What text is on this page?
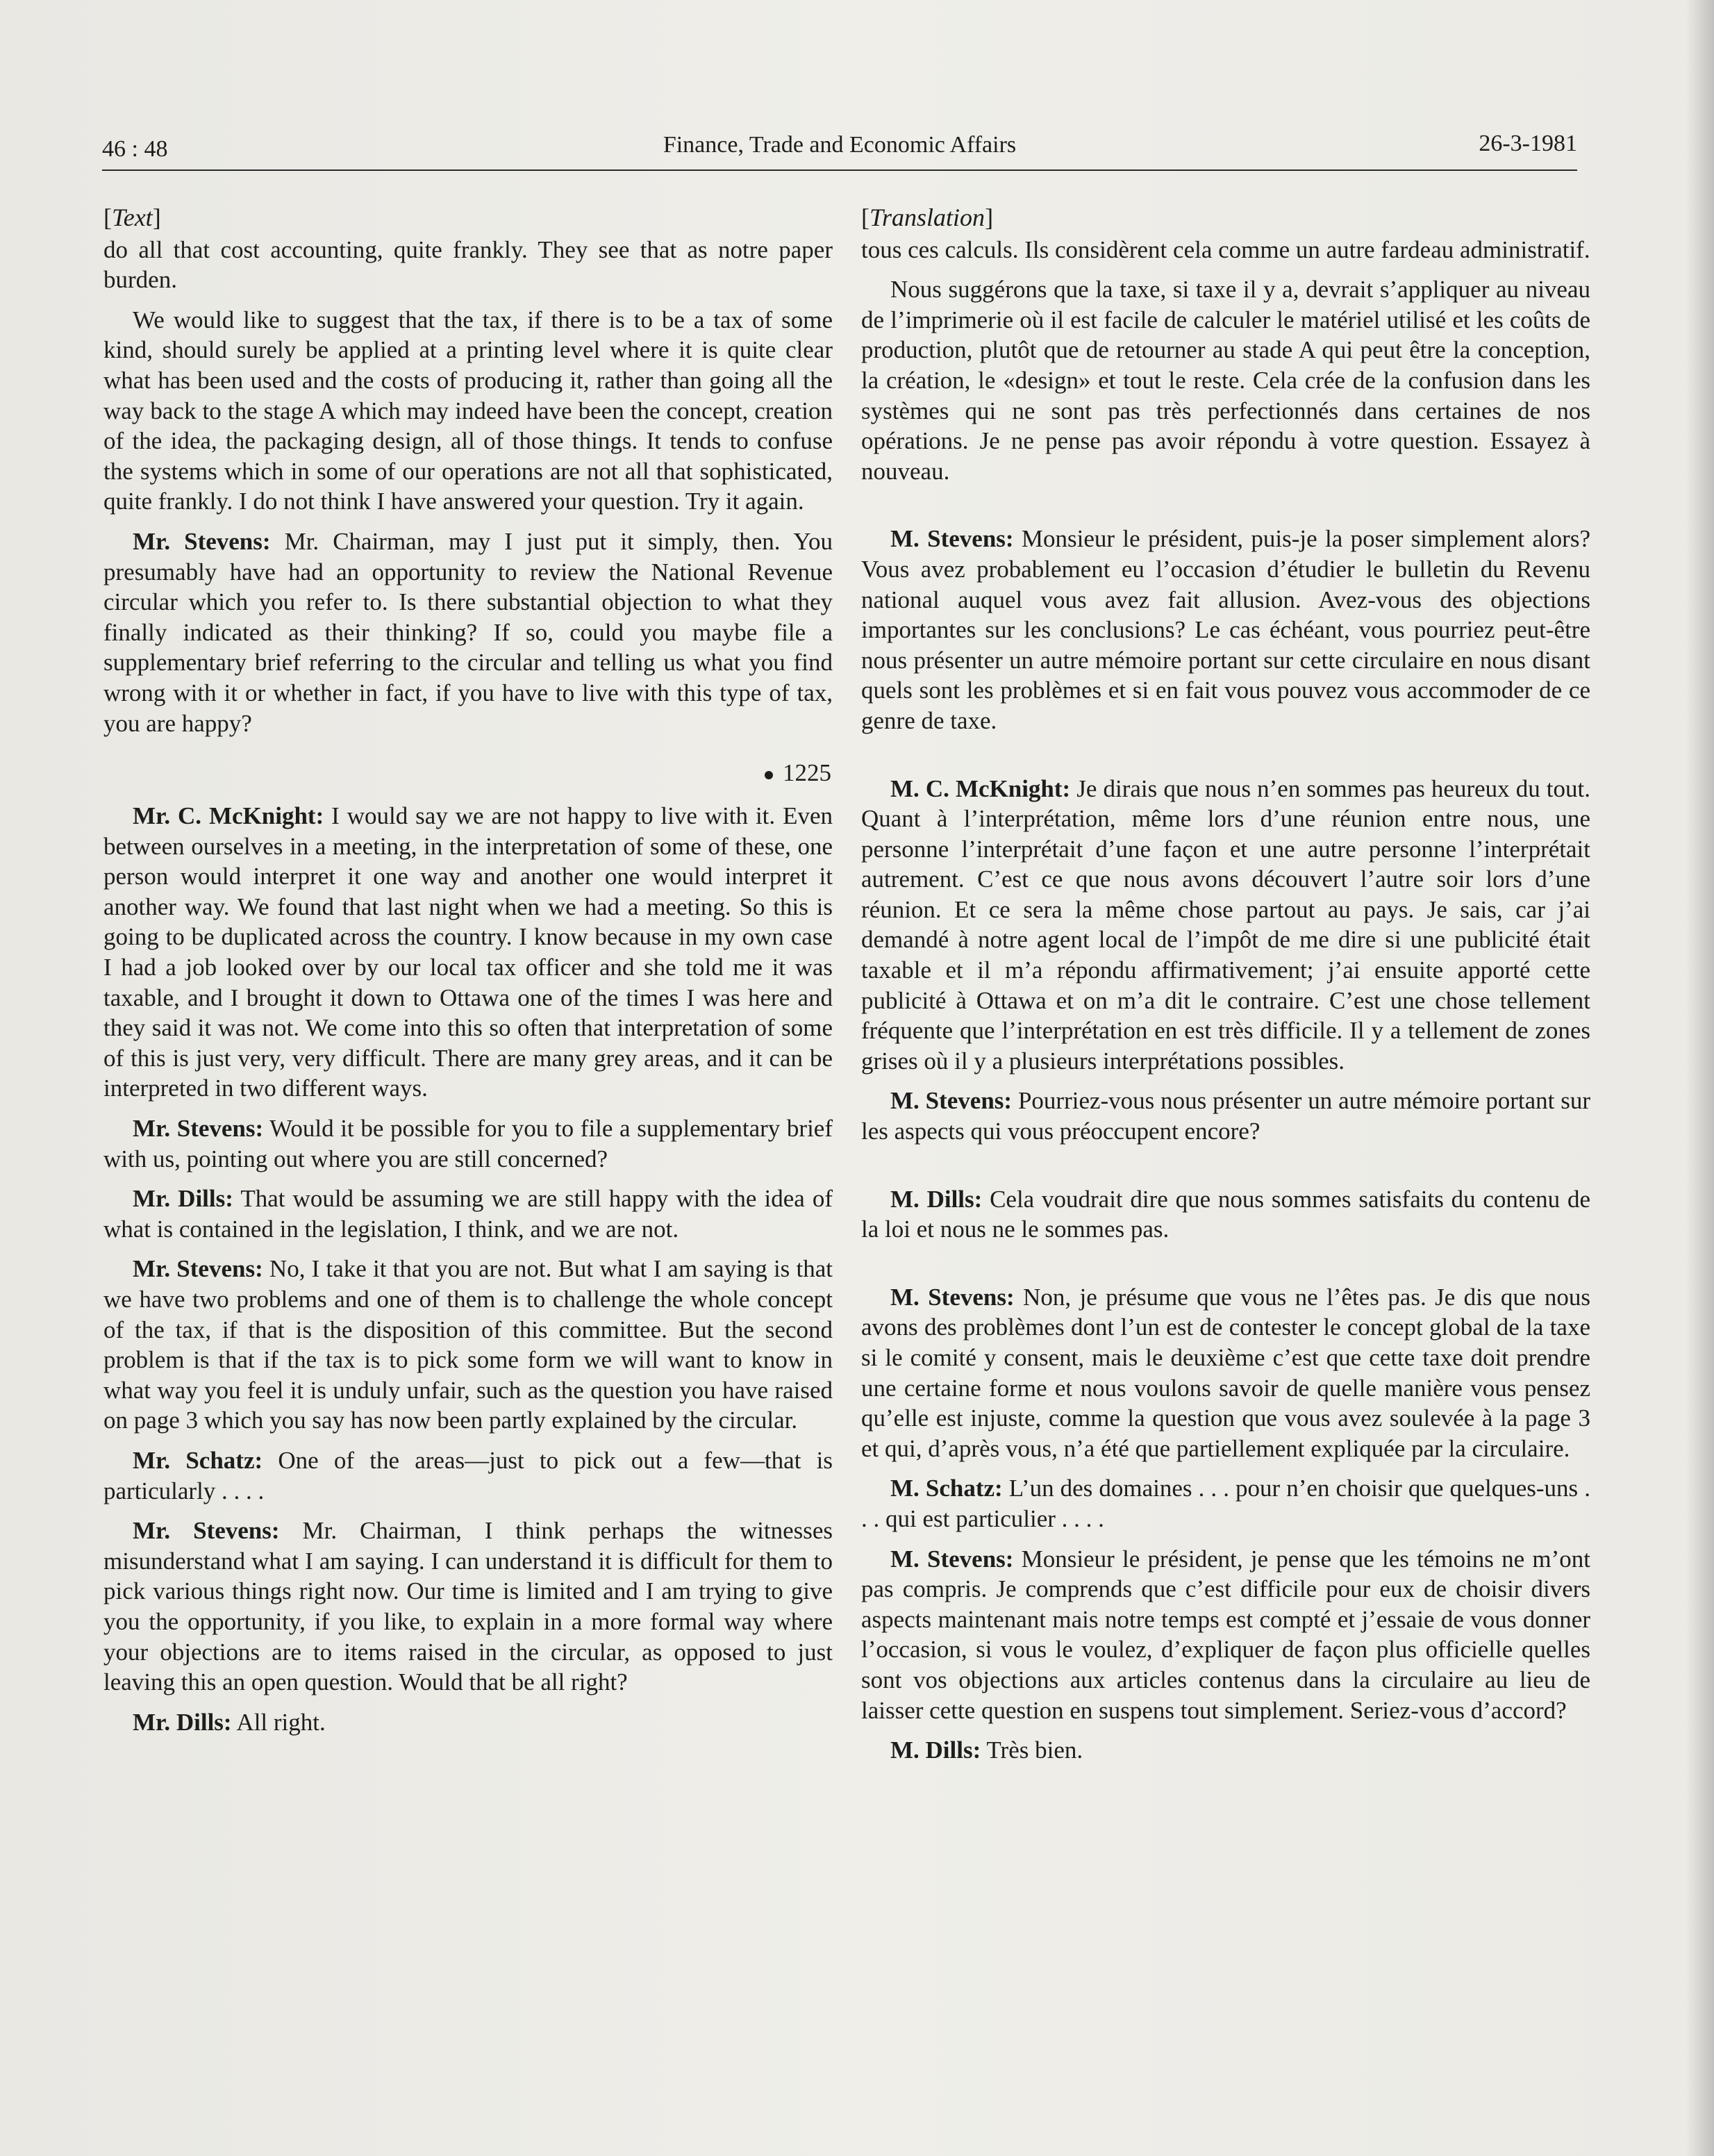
46 : 48	Finance, Trade and Economic Affairs	26-3-1981

[Text]

do all that cost accounting, quite frankly. They see that as notre paper burden.

We would like to suggest that the tax, if there is to be a tax of some kind, should surely be applied at a printing level where it is quite clear what has been used and the costs of producing it, rather than going all the way back to the stage A which may indeed have been the concept, creation of the idea, the packaging design, all of those things. It tends to confuse the systems which in some of our operations are not all that sophisticated, quite frankly. I do not think I have answered your question. Try it again.

Mr. Stevens: Mr. Chairman, may I just put it simply, then. You presumably have had an opportunity to review the National Revenue circular which you refer to. Is there substantial objection to what they finally indicated as their thinking? If so, could you maybe file a supplementary brief referring to the circular and telling us what you find wrong with it or whether in fact, if you have to live with this type of tax, you are happy?

1225

Mr. C. McKnight: I would say we are not happy to live with it. Even between ourselves in a meeting, in the interpretation of some of these, one person would interpret it one way and another one would interpret it another way. We found that last night when we had a meeting. So this is going to be duplicated across the country. I know because in my own case I had a job looked over by our local tax officer and she told me it was taxable, and I brought it down to Ottawa one of the times I was here and they said it was not. We come into this so often that interpretation of some of this is just very, very difficult. There are many grey areas, and it can be interpreted in two different ways.

Mr. Stevens: Would it be possible for you to file a supplementary brief with us, pointing out where you are still concerned?

Mr. Dills: That would be assuming we are still happy with the idea of what is contained in the legislation, I think, and we are not.

Mr. Stevens: No, I take it that you are not. But what I am saying is that we have two problems and one of them is to challenge the whole concept of the tax, if that is the disposition of this committee. But the second problem is that if the tax is to pick some form we will want to know in what way you feel it is unduly unfair, such as the question you have raised on page 3 which you say has now been partly explained by the circular.

Mr. Schatz: One of the areas—just to pick out a few—that is particularly . . . .

Mr. Stevens: Mr. Chairman, I think perhaps the witnesses misunderstand what I am saying. I can understand it is difficult for them to pick various things right now. Our time is limited and I am trying to give you the opportunity, if you like, to explain in a more formal way where your objections are to items raised in the circular, as opposed to just leaving this an open question. Would that be all right?

Mr. Dills: All right.

[Translation]

tous ces calculs. Ils considèrent cela comme un autre fardeau administratif.

Nous suggérons que la taxe, si taxe il y a, devrait s’appliquer au niveau de l’imprimerie où il est facile de calculer le matériel utilisé et les coûts de production, plutôt que de retourner au stade A qui peut être la conception, la création, le «design» et tout le reste. Cela crée de la confusion dans les systèmes qui ne sont pas très perfectionnés dans certaines de nos opérations. Je ne pense pas avoir répondu à votre question. Essayez à nouveau.

M. Stevens: Monsieur le président, puis-je la poser simplement alors? Vous avez probablement eu l’occasion d’étudier le bulletin du Revenu national auquel vous avez fait allusion. Avez-vous des objections importantes sur les conclusions? Le cas échéant, vous pourriez peut-être nous présenter un autre mémoire portant sur cette circulaire en nous disant quels sont les problèmes et si en fait vous pouvez vous accommoder de ce genre de taxe.

M. C. McKnight: Je dirais que nous n’en sommes pas heureux du tout. Quant à l’interprétation, même lors d’une réunion entre nous, une personne l’interprétait d’une façon et une autre personne l’interprétait autrement. C’est ce que nous avons découvert l’autre soir lors d’une réunion. Et ce sera la même chose partout au pays. Je sais, car j’ai demandé à notre agent local de l’impôt de me dire si une publicité était taxable et il m’a répondu affirmativement; j’ai ensuite apporté cette publicité à Ottawa et on m’a dit le contraire. C’est une chose tellement fréquente que l’interprétation en est très difficile. Il y a tellement de zones grises où il y a plusieurs interprétations possibles.

M. Stevens: Pourriez-vous nous présenter un autre mémoire portant sur les aspects qui vous préoccupent encore?

M. Dills: Cela voudrait dire que nous sommes satisfaits du contenu de la loi et nous ne le sommes pas.

M. Stevens: Non, je présume que vous ne l’êtes pas. Je dis que nous avons des problèmes dont l’un est de contester le concept global de la taxe si le comité y consent, mais le deuxième c’est que cette taxe doit prendre une certaine forme et nous voulons savoir de quelle manière vous pensez qu’elle est injuste, comme la question que vous avez soulevée à la page 3 et qui, d’après vous, n’a été que partiellement expliquée par la circulaire.

M. Schatz: L’un des domaines . . . pour n’en choisir que quelques-uns . . . qui est particulier . . . .

M. Stevens: Monsieur le président, je pense que les témoins ne m’ont pas compris. Je comprends que c’est difficile pour eux de choisir divers aspects maintenant mais notre temps est compté et j’essaie de vous donner l’occasion, si vous le voulez, d’expliquer de façon plus officielle quelles sont vos objections aux articles contenus dans la circulaire au lieu de laisser cette question en suspens tout simplement. Seriez-vous d’accord?

M. Dills: Très bien.
